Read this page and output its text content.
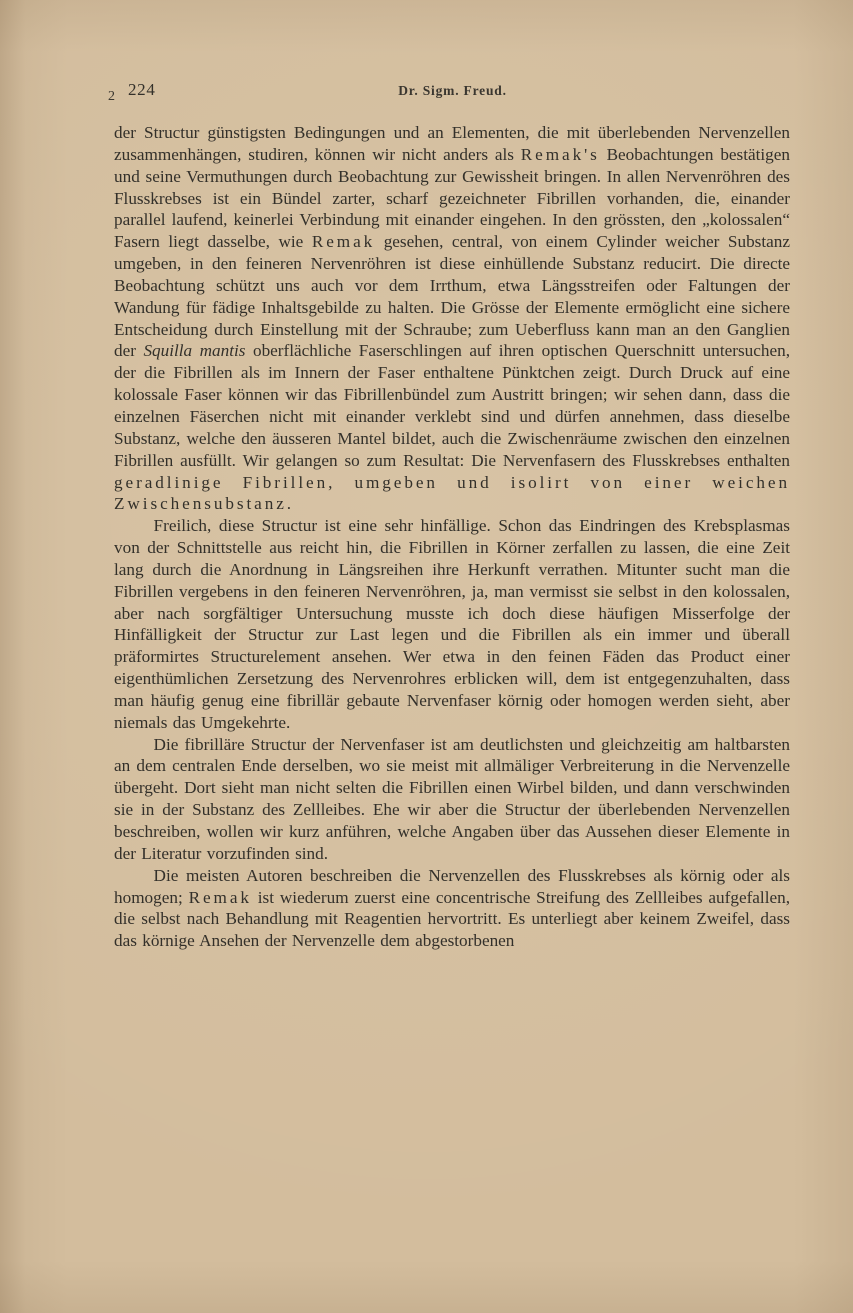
2 224	Dr. Sigm. Freud.

der Structur günstigsten Bedingungen und an Elementen, die mit überlebenden Nervenzellen zusammenhängen, studiren, können wir nicht anders als Remak's Beobachtungen bestätigen und seine Vermuthungen durch Beobachtung zur Gewissheit bringen. In allen Nervenröhren des Flusskrebses ist ein Bündel zarter, scharf gezeichneter Fibrillen vorhanden, die, einander parallel laufend, keinerlei Verbindung mit einander eingehen. In den grössten, den „kolossalen“ Fasern liegt dasselbe, wie Remak gesehen, central, von einem Cylinder weicher Substanz umgeben, in den feineren Nervenröhren ist diese einhüllende Substanz reducirt. Die directe Beobachtung schützt uns auch vor dem Irrthum, etwa Längsstreifen oder Faltungen der Wandung für fädige Inhaltsgebilde zu halten. Die Grösse der Elemente ermöglicht eine sichere Entscheidung durch Einstellung mit der Schraube; zum Ueberfluss kann man an den Ganglien der Squilla mantis oberflächliche Faserschlingen auf ihren optischen Querschnitt untersuchen, der die Fibrillen als im Innern der Faser enthaltene Pünktchen zeigt. Durch Druck auf eine kolossale Faser können wir das Fibrillenbündel zum Austritt bringen; wir sehen dann, dass die einzelnen Fäserchen nicht mit einander verklebt sind und dürfen annehmen, dass dieselbe Substanz, welche den äusseren Mantel bildet, auch die Zwischenräume zwischen den einzelnen Fibrillen ausfüllt. Wir gelangen so zum Resultat: Die Nervenfasern des Flusskrebses enthalten geradlinige Fibrillen, umgeben und isolirt von einer weichen Zwischensubstanz.

Freilich, diese Structur ist eine sehr hinfällige. Schon das Eindringen des Krebsplasmas von der Schnittstelle aus reicht hin, die Fibrillen in Körner zerfallen zu lassen, die eine Zeit lang durch die Anordnung in Längsreihen ihre Herkunft verrathen. Mitunter sucht man die Fibrillen vergebens in den feineren Nervenröhren, ja, man vermisst sie selbst in den kolossalen, aber nach sorgfältiger Untersuchung musste ich doch diese häufigen Misserfolge der Hinfälligkeit der Structur zur Last legen und die Fibrillen als ein immer und überall präformirtes Structurelement ansehen. Wer etwa in den feinen Fäden das Product einer eigenthümlichen Zersetzung des Nervenrohres erblicken will, dem ist entgegenzuhalten, dass man häufig genug eine fibrillär gebaute Nervenfaser körnig oder homogen werden sieht, aber niemals das Umgekehrte.

Die fibrilläre Structur der Nervenfaser ist am deutlichsten und gleichzeitig am haltbarsten an dem centralen Ende derselben, wo sie meist mit allmäliger Verbreiterung in die Nervenzelle übergeht. Dort sieht man nicht selten die Fibrillen einen Wirbel bilden, und dann verschwinden sie in der Substanz des Zellleibes. Ehe wir aber die Structur der überlebenden Nervenzellen beschreiben, wollen wir kurz anführen, welche Angaben über das Aussehen dieser Elemente in der Literatur vorzufinden sind.

Die meisten Autoren beschreiben die Nervenzellen des Flusskrebses als körnig oder als homogen; Remak ist wiederum zuerst eine concentrische Streifung des Zellleibes aufgefallen, die selbst nach Behandlung mit Reagentien hervortritt. Es unterliegt aber keinem Zweifel, dass das körnige Ansehen der Nervenzelle dem abgestorbenen
